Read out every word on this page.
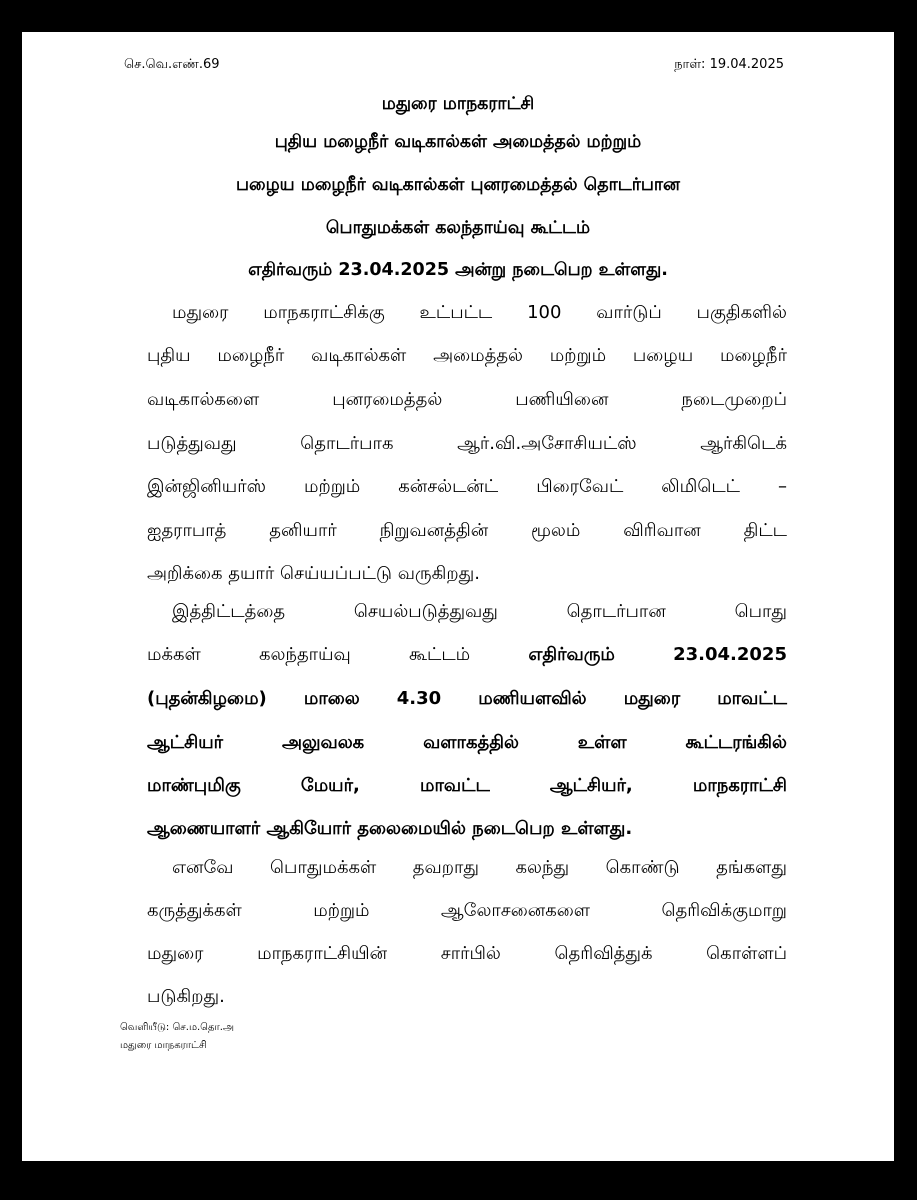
செ.வெ.எண்.69	நாள்: 19.04.2025
மதுரை மாநகராட்சி
புதிய மழைநீர் வடிகால்கள் அமைத்தல் மற்றும்
பழைய மழைநீர் வடிகால்கள் புனரமைத்தல் தொடர்பான
பொதுமக்கள் கலந்தாய்வு கூட்டம்
எதிர்வரும் 23.04.2025 அன்று நடைபெற உள்ளது.
மதுரை மாநகராட்சிக்கு உட்பட்ட 100 வார்டுப் பகுதிகளில்
புதிய மழைநீர் வடிகால்கள் அமைத்தல் மற்றும் பழைய மழைநீர்
வடிகால்களை	புனரமைத்தல்	பணியினை	நடைமுறைப்
படுத்துவது	தொடர்பாக	ஆர்.வி.அசோசியட்ஸ்	ஆர்கிடெக்
இன்ஜினியர்ஸ் மற்றும் கன்சல்டன்ட் பிரைவேட் லிமிடெட் –
ஐதராபாத் தனியார் நிறுவனத்தின் மூலம் விரிவான திட்ட
அறிக்கை தயார் செய்யப்பட்டு வருகிறது.
இத்திட்டத்தை	செயல்படுத்துவது	தொடர்பான	பொது
மக்கள்	கலந்தாய்வு	கூட்டம்	எதிர்வரும்	23.04.2025
(புதன்கிழமை) மாலை 4.30 மணியளவில் மதுரை மாவட்ட
ஆட்சியர்	அலுவலக	வளாகத்தில்	உள்ள	கூட்டரங்கில்
மாண்புமிகு	மேயர்,	மாவட்ட	ஆட்சியர்,	மாநகராட்சி
ஆணையாளர் ஆகியோர் தலைமையில் நடைபெற உள்ளது.
எனவே பொதுமக்கள் தவறாது கலந்து கொண்டு தங்களது
கருத்துக்கள்	மற்றும்	ஆலோசனைகளை	தெரிவிக்குமாறு
மதுரை	மாநகராட்சியின்	சார்பில்	தெரிவித்துக்	கொள்ளப்
படுகிறது.
வெளியீடு: செ.ம.தொ.அ
மதுரை மாநகராட்சி
